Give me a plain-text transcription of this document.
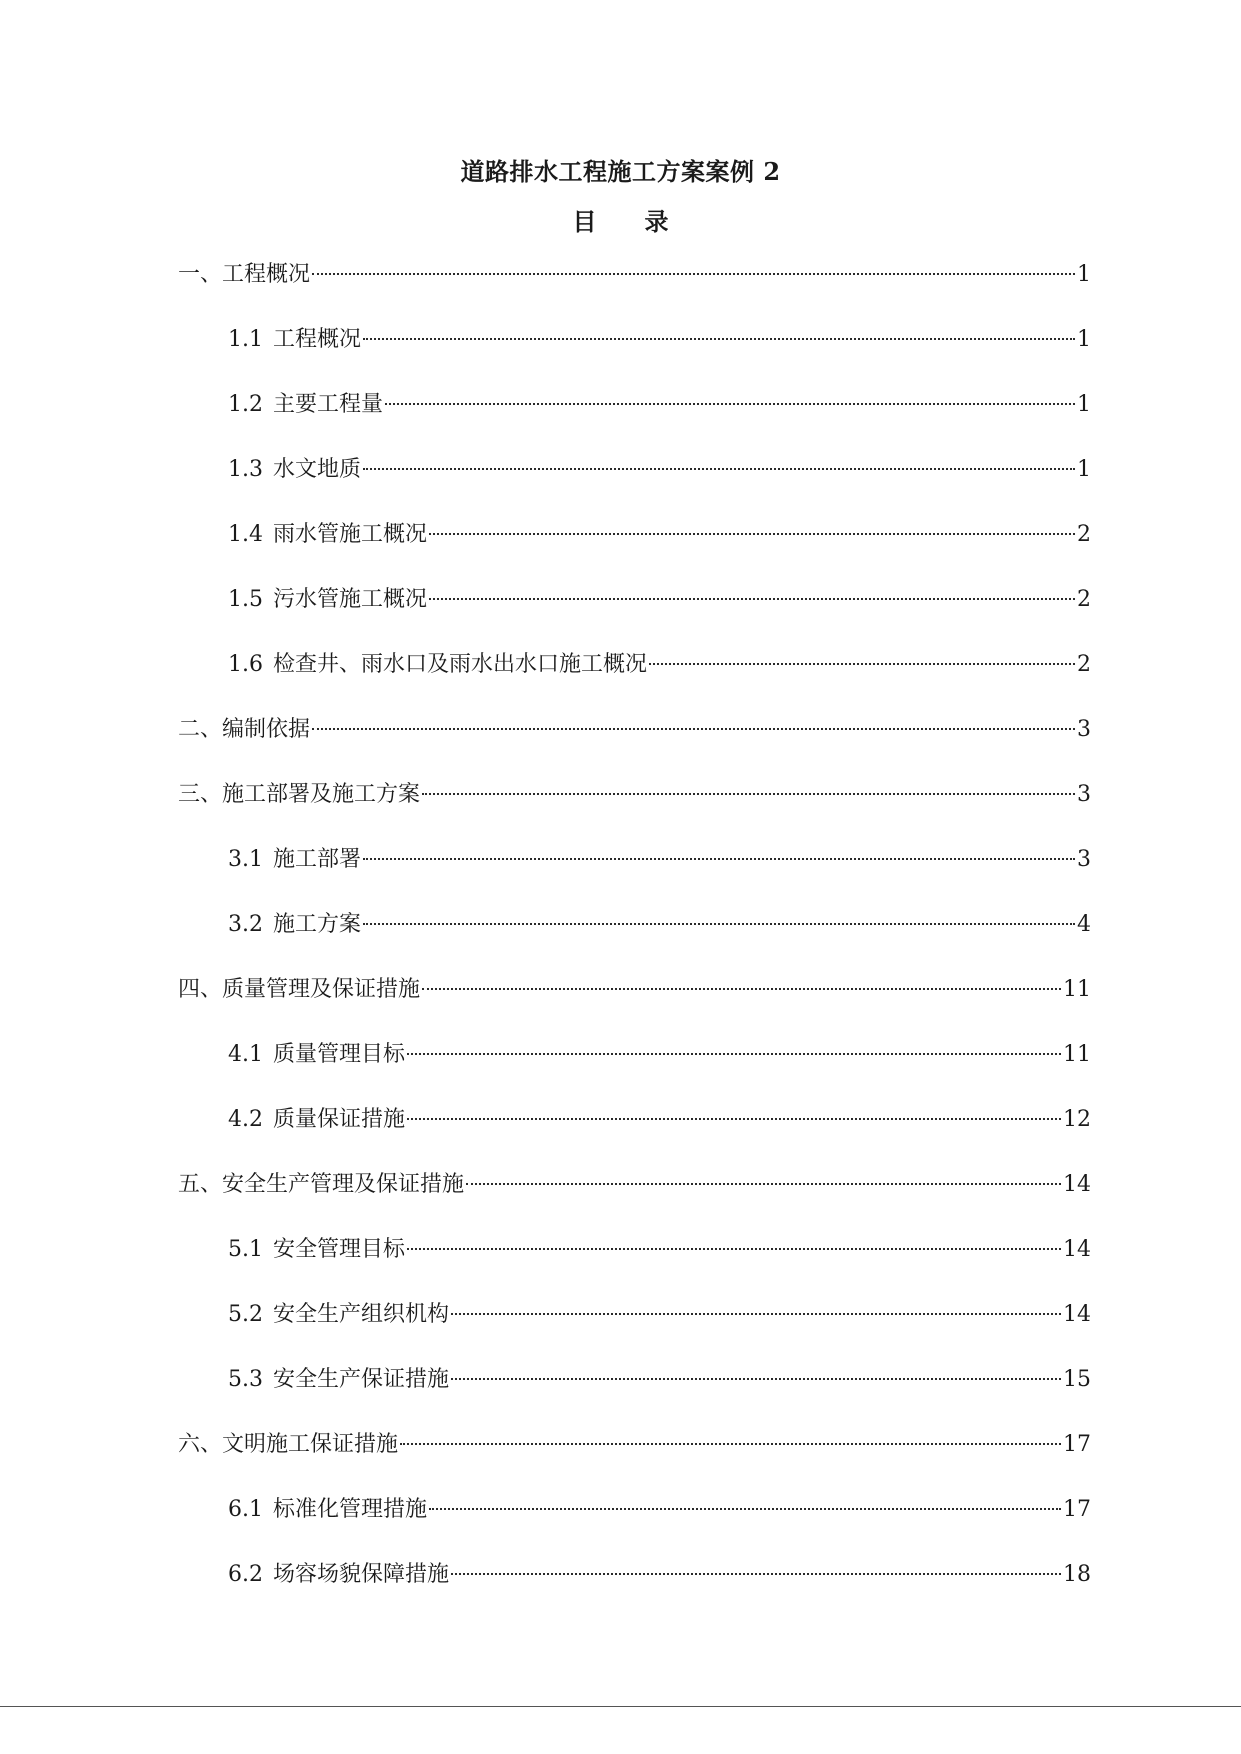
道路排水工程施工方案案例 2
目 录
一、工程概况	1
1.1 工程概况	1
1.2 主要工程量	1
1.3 水文地质	1
1.4 雨水管施工概况	2
1.5 污水管施工概况	2
1.6 检查井、雨水口及雨水出水口施工概况	2
二、编制依据	3
三、施工部署及施工方案	3
3.1 施工部署	3
3.2 施工方案	4
四、质量管理及保证措施	11
4.1 质量管理目标	11
4.2 质量保证措施	12
五、安全生产管理及保证措施	14
5.1 安全管理目标	14
5.2 安全生产组织机构	14
5.3 安全生产保证措施	15
六、文明施工保证措施	17
6.1 标准化管理措施	17
6.2 场容场貌保障措施	18
